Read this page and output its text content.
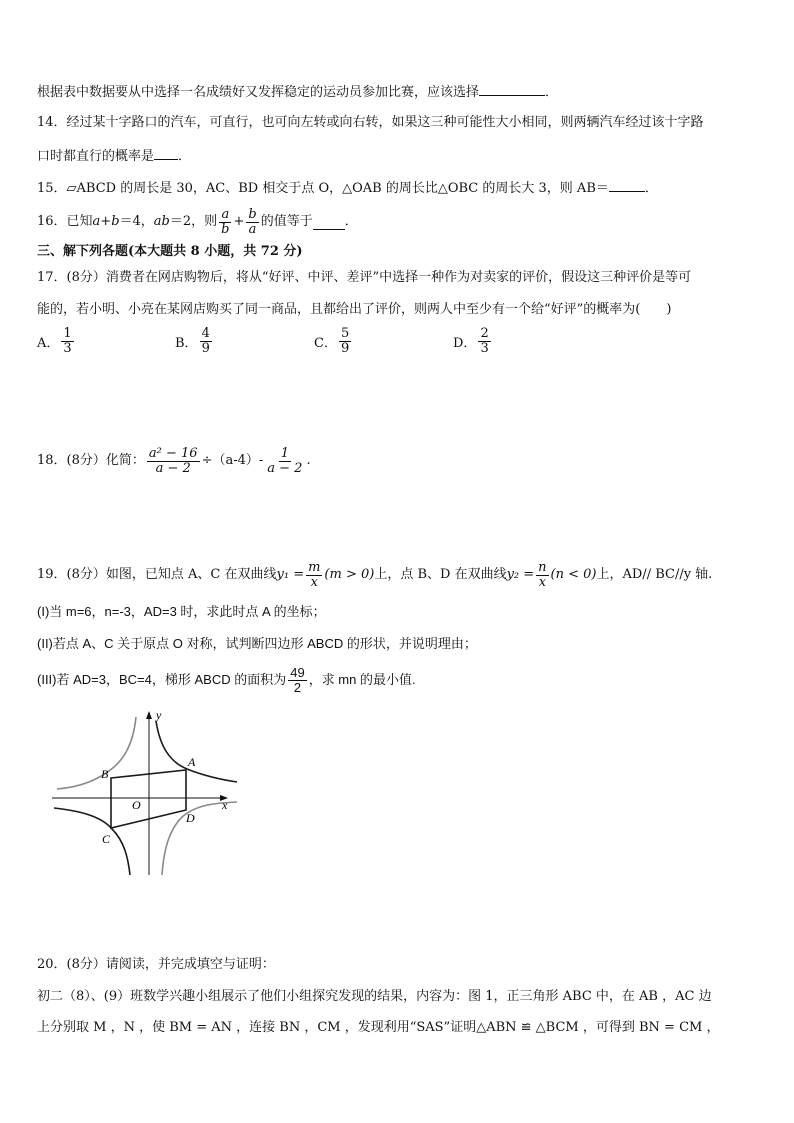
根据表中数据要从中选择一名成绩好又发挥稳定的运动员参加比赛，应该选择	．
14．经过某十字路口的汽车，可直行，也可向左转或向右转，如果这三种可能性大小相同，则两辆汽车经过该十字路
口时都直行的概率是 ．
15．▱ABCD 的周长是 30，AC、BD 相交于点 O，△OAB 的周长比△OBC 的周长大 3，则 AB＝	．
16．已知 a+b ＝4， ab ＝2，则 $\frac{a}{b} + \frac{b}{a}$ 的值等于 ．
三、解下列各题(本大题共 8 小题，共 72 分)
17．(8分）消费者在网店购物后，将从“好评、中评、差评”中选择一种作为对卖家的评价，假设这三种评价是等可
能的，若小明、小亮在某网店购买了同一商品，且都给出了评价，则两人中至少有一个给“好评”的概率为(　　)
A． $\frac{1}{3}$	B． $\frac{4}{9}$	C． $\frac{5}{9}$	D． $\frac{2}{3}$
18．(8分）化简： $\frac{\text{a² − 16}}{a - 2} \div(a-4)- \frac{1}{a - 2}$ .
19．(8分）如图，已知点 A、C 在双曲线 $y_1 = \frac{m}{x} (m > 0)$ 上，点 B、D 在双曲线 $y_2 = \frac{n}{x} (n < 0)$ 上，AD// BC//y 轴.
(I)当 m=6，n=-3，AD=3 时，求此时点 A 的坐标；
(II)若点 A、C 关于原点 O 对称，试判断四边形 ABCD 的形状，并说明理由；
(III)若 AD=3，BC=4，梯形 ABCD 的面积为 $\frac{49}{2}$ ，求 mn 的最小值.
y
x
O
A
B
C
D
20．(8分）请阅读，并完成填空与证明：
初二（8）、(9）班数学兴趣小组展示了他们小组探究发现的结果，内容为：图 1，正三角形 ABC 中，在 AB ，AC 边
上分别取 M ，N ，使 BM = AN ，连接 BN ，CM ，发现利用“SAS”证明△ABN ≌ △BCM ，可得到 BN = CM ，
